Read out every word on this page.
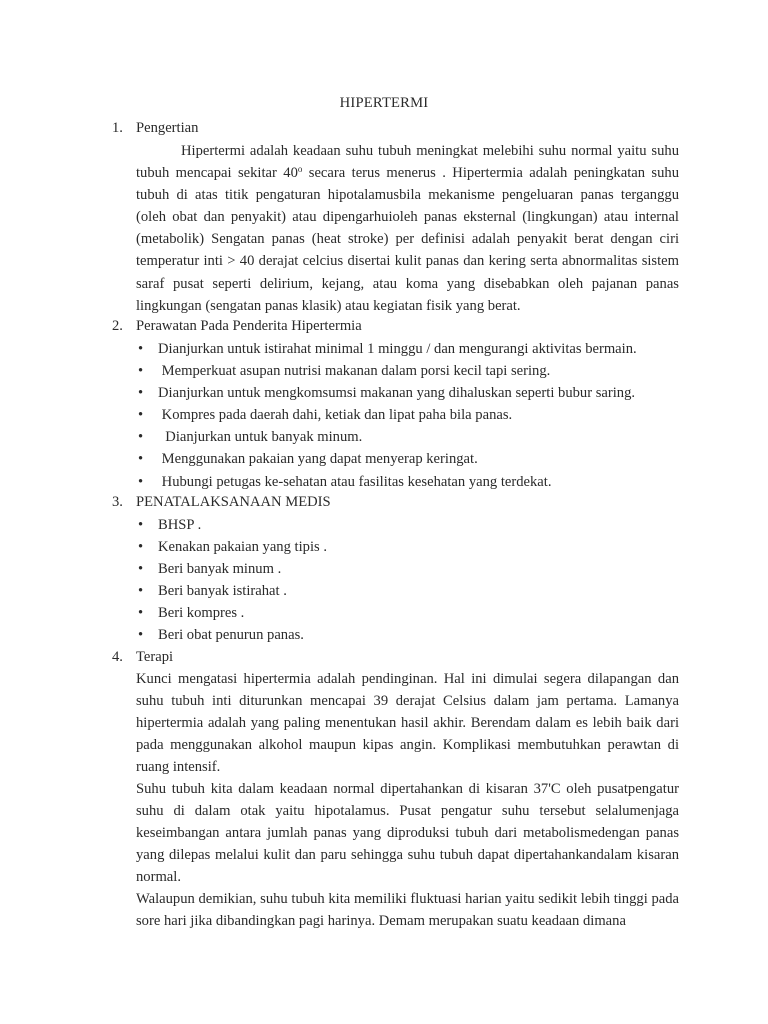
HIPERTERMI
1. Pengertian

Hipertermi adalah keadaan suhu tubuh meningkat melebihi suhu normal yaitu suhu tubuh mencapai sekitar 40$^o$ secara terus menerus . Hipertermia adalah peningkatan suhu tubuh di atas titik pengaturan hipotalamusbila mekanisme pengeluaran panas terganggu (oleh obat dan penyakit) atau dipengarhuioleh panas eksternal (lingkungan) atau internal (metabolik) Sengatan panas (heat stroke) per definisi adalah penyakit berat dengan ciri temperatur inti > 40 derajat celcius disertai kulit panas dan kering serta abnormalitas sistem saraf pusat seperti delirium, kejang, atau koma yang disebabkan oleh pajanan panas lingkungan (sengatan panas klasik) atau kegiatan fisik yang berat.

2. Perawatan Pada Penderita Hipertermia
• Dianjurkan untuk istirahat minimal 1 minggu / dan mengurangi aktivitas bermain.
• Memperkuat asupan nutrisi makanan dalam porsi kecil tapi sering.
• Dianjurkan untuk mengkomsumsi makanan yang dihaluskan seperti bubur saring.
• Kompres pada daerah dahi, ketiak dan lipat paha bila panas.
• Dianjurkan untuk banyak minum.
• Menggunakan pakaian yang dapat menyerap keringat.
• Hubungi petugas ke-sehatan atau fasilitas kesehatan yang terdekat.
3. PENATALAKSANAAN MEDIS
• BHSP .
• Kenakan pakaian yang tipis .
• Beri banyak minum .
• Beri banyak istirahat .
• Beri kompres .
• Beri obat penurun panas.
4. Terapi

Kunci mengatasi hipertermia adalah pendinginan. Hal ini dimulai segera dilapangan dan suhu tubuh inti diturunkan mencapai 39 derajat Celsius dalam jam pertama. Lamanya hipertermia adalah yang paling menentukan hasil akhir. Berendam dalam es lebih baik dari pada menggunakan alkohol maupun kipas angin. Komplikasi membutuhkan perawtan di ruang intensif.

Suhu tubuh kita dalam keadaan normal dipertahankan di kisaran 37'C oleh pusatpengatur suhu di dalam otak yaitu hipotalamus. Pusat pengatur suhu tersebut selalumenjaga keseimbangan antara jumlah panas yang diproduksi tubuh dari metabolismedengan panas yang dilepas melalui kulit dan paru sehingga suhu tubuh dapat dipertahankandalam kisaran normal.

Walaupun demikian, suhu tubuh kita memiliki fluktuasi harian yaitu sedikit lebih tinggi pada sore hari jika dibandingkan pagi harinya. Demam merupakan suatu keadaan dimana
